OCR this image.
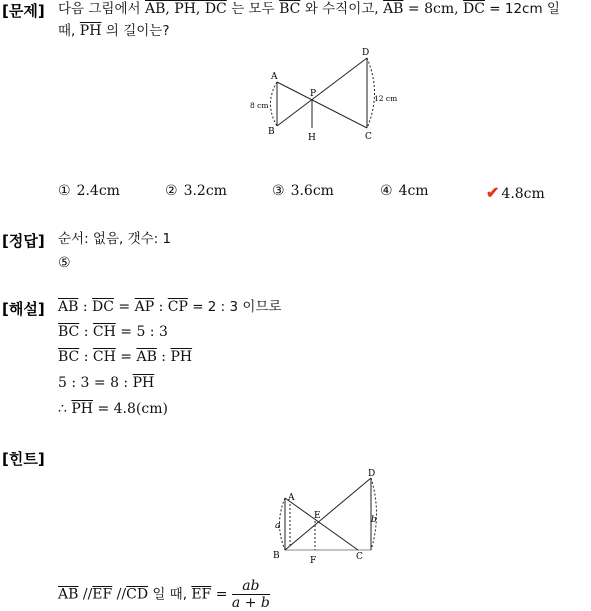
[문제] 다음 그림에서 AB, PH, DC 는 모두 $\overline{BC}$ 와 수직이고, $\overline{AB} = 8cm$, $\overline{DC} = 12cm$ 일
때, $\overline{PH}$ 의 길이는?
A
B	C
D
P
H
8 cm
12 cm
① 2.4cm	② 3.2cm	③ 3.6cm	④ 4cm	✔ 4.8cm
[정답] 순서: 없음, 갯수: 1
⑤
[해설] $\overline{AB}$ : $\overline{DC} = \overline{AP}$ : $\overline{CP} = 2$ : 3 이므로
$\overline{BC}$ : $\overline{CH} = 5$ : 3
$\overline{BC}$ : $\overline{CH} = \overline{AB}$ : $\overline{PH}$
5 : 3 = 8 : $\overline{PH}$
∴ $\overline{PH} = 4.8(cm)$
[힌트]
A
B	C
D
E
F
a
b
$\overline{AB}$ $//\overline{EF}$ $//\overline{CD}$ 일 때, $\overline{EF} = \frac{ab}{a + b}$
